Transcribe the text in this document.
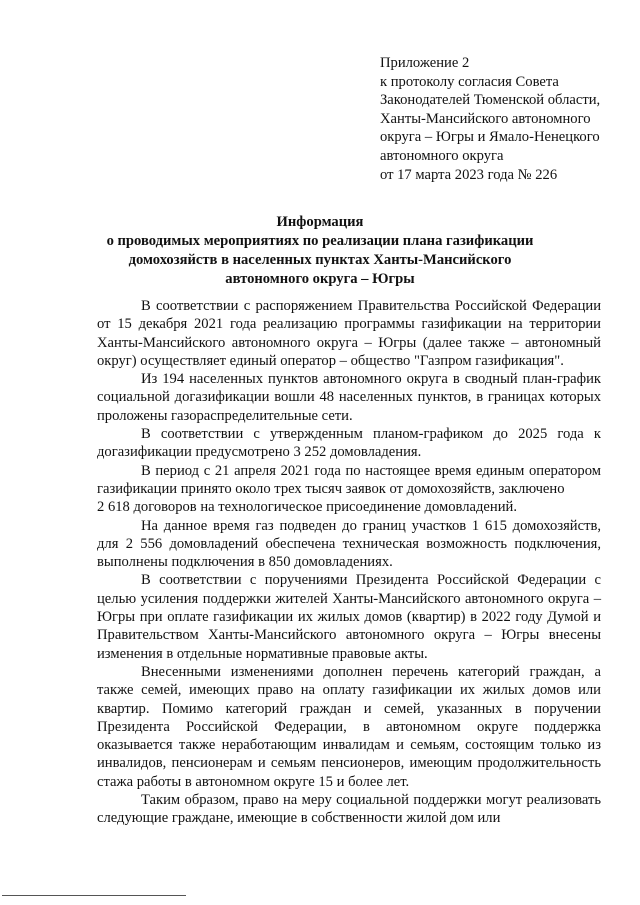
Приложение 2
к протоколу согласия Совета
Законодателей Тюменской области,
Ханты-Мансийского автономного
округа – Югры и Ямало-Ненецкого
автономного округа
от 17 марта 2023 года № 226
Информация
о проводимых мероприятиях по реализации плана газификации
домохозяйств в населенных пунктах Ханты-Мансийского
автономного округа – Югры

В соответствии с распоряжением Правительства Российской Федерации от 15 декабря 2021 года реализацию программы газификации на территории Ханты-Мансийского автономного округа – Югры (далее также – автономный округ) осуществляет единый оператор – общество "Газпром газификация".

Из 194 населенных пунктов автономного округа в сводный план-график социальной догазификации вошли 48 населенных пунктов, в границах которых проложены газораспределительные сети.

В соответствии с утвержденным планом-графиком до 2025 года к догазификации предусмотрено 3 252 домовладения.

В период с 21 апреля 2021 года по настоящее время единым оператором газификации принято около трех тысяч заявок от домохозяйств, заключено

2 618 договоров на технологическое присоединение домовладений.

На данное время газ подведен до границ участков 1 615 домохозяйств, для 2 556 домовладений обеспечена техническая возможность подключения, выполнены подключения в 850 домовладениях.

В соответствии с поручениями Президента Российской Федерации с целью усиления поддержки жителей Ханты-Мансийского автономного округа – Югры при оплате газификации их жилых домов (квартир) в 2022 году Думой и Правительством Ханты-Мансийского автономного округа – Югры внесены изменения в отдельные нормативные правовые акты.

Внесенными изменениями дополнен перечень категорий граждан, а также семей, имеющих право на оплату газификации их жилых домов или квартир. Помимо категорий граждан и семей, указанных в поручении Президента Российской Федерации, в автономном округе поддержка оказывается также неработающим инвалидам и семьям, состоящим только из инвалидов, пенсионерам и семьям пенсионеров, имеющим продолжительность стажа работы в автономном округе 15 и более лет.

Таким образом, право на меру социальной поддержки могут реализовать следующие граждане, имеющие в собственности жилой дом или
